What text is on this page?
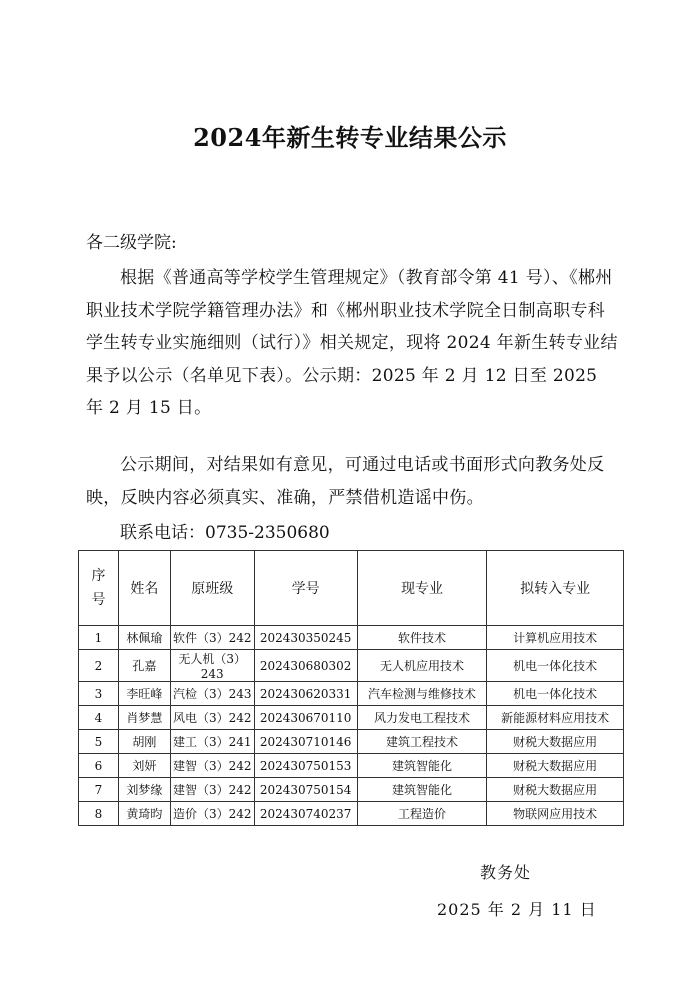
2024年新生转专业结果公示
各二级学院:
根据《普通高等学校学生管理规定》（教育部令第 41 号）、《郴州职业技术学院学籍管理办法》和《郴州职业技术学院全日制高职专科学生转专业实施细则（试行）》相关规定，现将 2024 年新生转专业结果予以公示（名单见下表）。公示期：2025 年 2 月 12 日至 2025 年 2 月 15 日。
公示期间，对结果如有意见，可通过电话或书面形式向教务处反映，反映内容必须真实、准确，严禁借机造谣中伤。
联系电话：0735-2350680
序
号	姓名	原班级	学号	现专业	拟转入专业
1	林佩瑜	软件（3）242	202430350245	软件技术	计算机应用技术
2	孔嘉	无人机（3）243	202430680302	无人机应用技术	机电一体化技术
3	李旺峰	汽检（3）243	202430620331	汽车检测与维修技术	机电一体化技术
4	肖梦慧	风电（3）242	202430670110	风力发电工程技术	新能源材料应用技术
5	胡刚	建工（3）241	202430710146	建筑工程技术	财税大数据应用
6	刘妍	建智（3）242	202430750153	建筑智能化	财税大数据应用
7	刘梦缘	建智（3）242	202430750154	建筑智能化	财税大数据应用
8	黄琦昀	造价（3）242	202430740237	工程造价	物联网应用技术
教务处
2025 年 2 月 11 日
